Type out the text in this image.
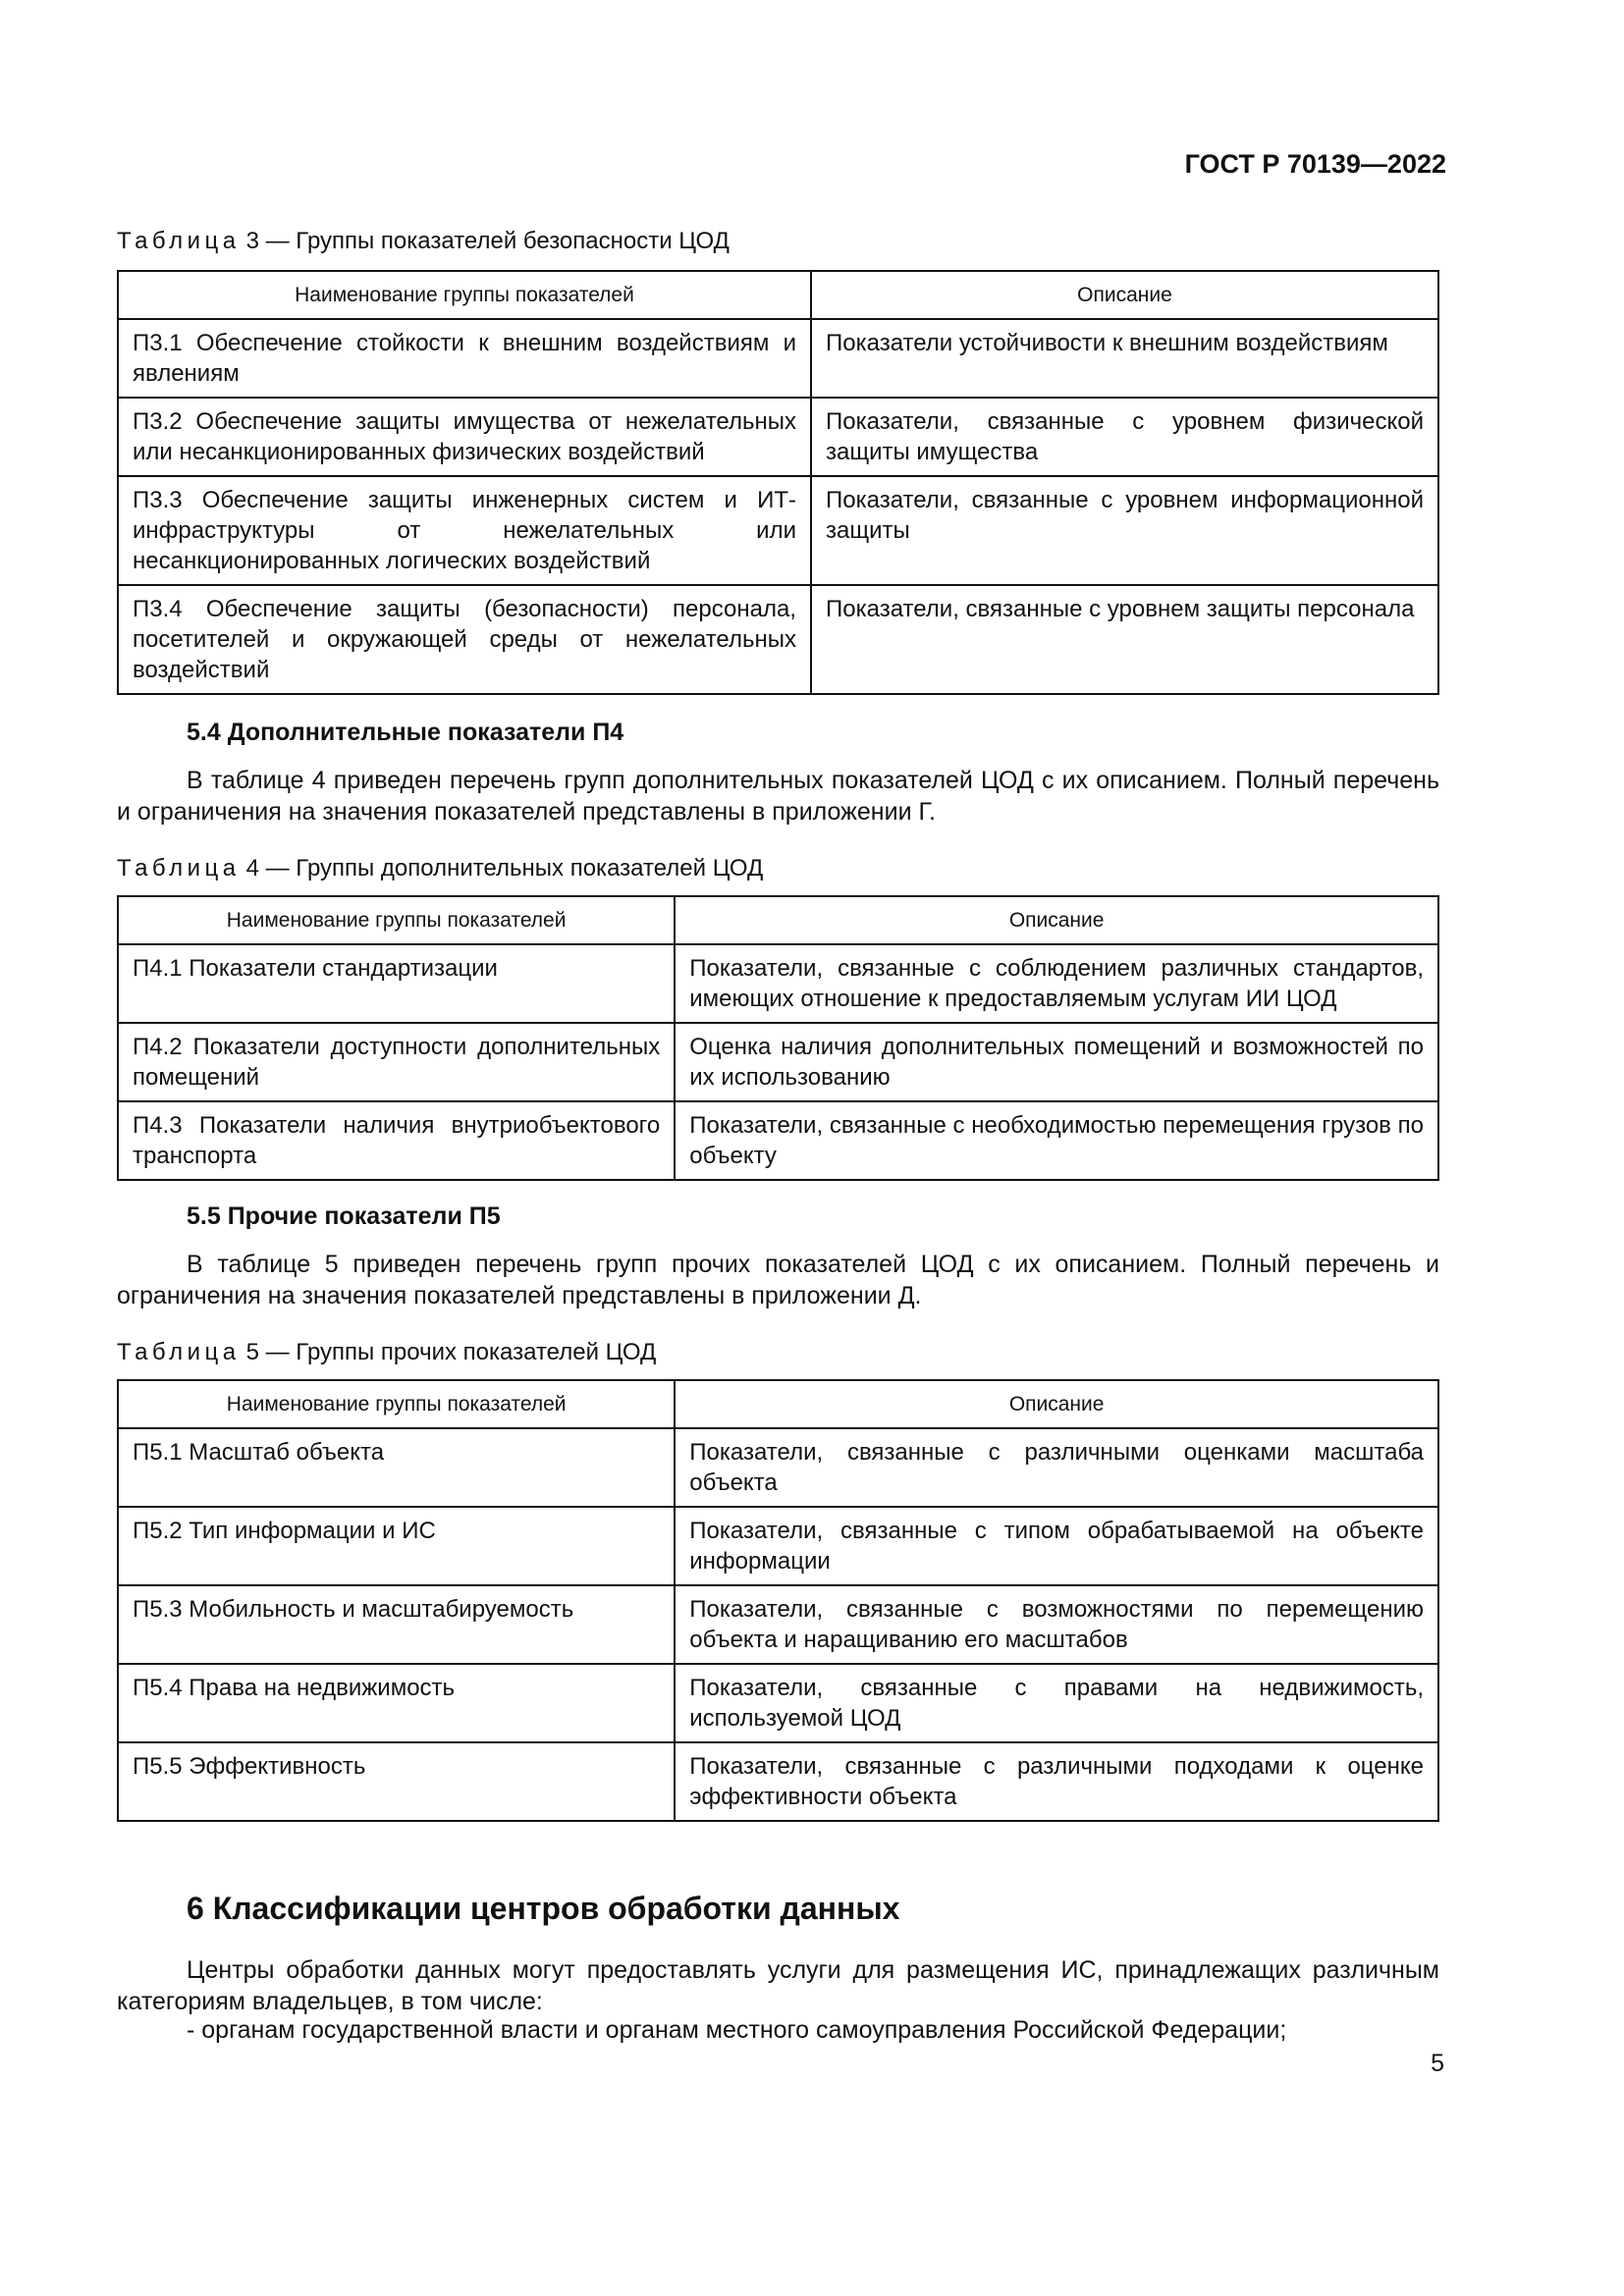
ГОСТ Р 70139—2022
Таблица 3 — Группы показателей безопасности ЦОД
Наименование группы показателей	Описание
П3.1 Обеспечение стойкости к внешним воздействиям и явлениям	Показатели устойчивости к внешним воздействиям
П3.2 Обеспечение защиты имущества от нежелательных или несанкционированных физических воздействий	Показатели, связанные с уровнем физической защиты имущества
П3.3 Обеспечение защиты инженерных систем и ИТ-инфраструктуры от нежелательных или несанкционированных логических воздействий	Показатели, связанные с уровнем информационной защиты
П3.4 Обеспечение защиты (безопасности) персонала, посетителей и окружающей среды от нежелательных воздействий	Показатели, связанные с уровнем защиты персонала
5.4 Дополнительные показатели П4
В таблице 4 приведен перечень групп дополнительных показателей ЦОД с их описанием. Полный перечень и ограничения на значения показателей представлены в приложении Г.
Таблица 4 — Группы дополнительных показателей ЦОД
Наименование группы показателей	Описание
П4.1 Показатели стандартизации	Показатели, связанные с соблюдением различных стандартов, имеющих отношение к предоставляемым услугам ИИ ЦОД
П4.2 Показатели доступности дополнительных помещений	Оценка наличия дополнительных помещений и возможностей по их использованию
П4.3 Показатели наличия внутриобъектового транспорта	Показатели, связанные с необходимостью перемещения грузов по объекту
5.5 Прочие показатели П5
В таблице 5 приведен перечень групп прочих показателей ЦОД с их описанием. Полный перечень и ограничения на значения показателей представлены в приложении Д.
Таблица 5 — Группы прочих показателей ЦОД
Наименование группы показателей	Описание
П5.1 Масштаб объекта	Показатели, связанные с различными оценками масштаба объекта
П5.2 Тип информации и ИС	Показатели, связанные с типом обрабатываемой на объекте информации
П5.3 Мобильность и масштабируемость	Показатели, связанные с возможностями по перемещению объекта и наращиванию его масштабов
П5.4 Права на недвижимость	Показатели, связанные с правами на недвижимость, используемой ЦОД
П5.5 Эффективность	Показатели, связанные с различными подходами к оценке эффективности объекта
6 Классификации центров обработки данных
Центры обработки данных могут предоставлять услуги для размещения ИС, принадлежащих различным категориям владельцев, в том числе:
- органам государственной власти и органам местного самоуправления Российской Федерации;
5
